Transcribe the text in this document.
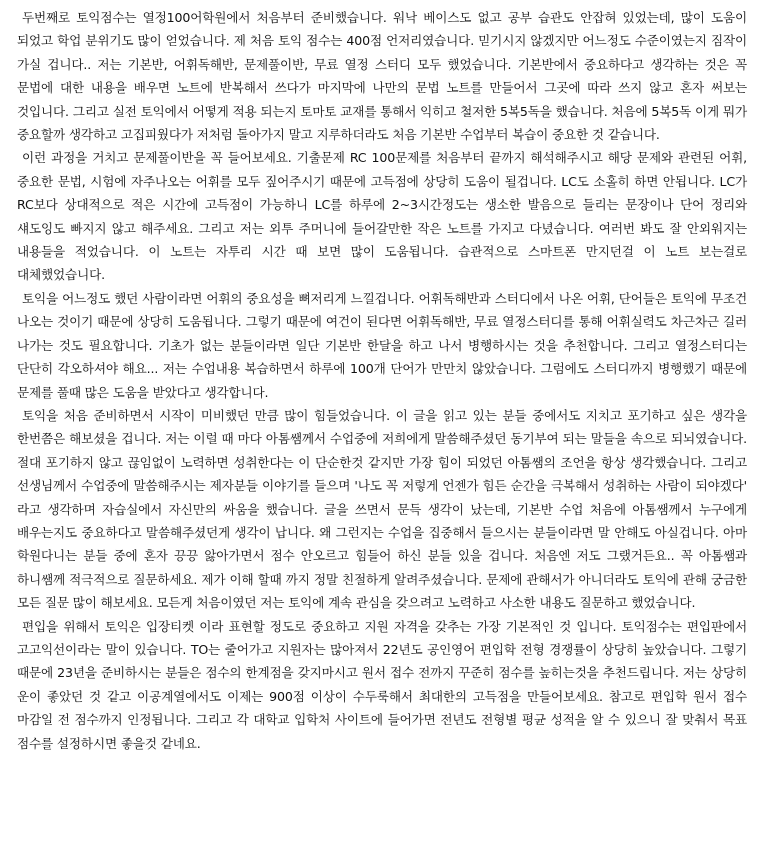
두번째로 토익점수는 열정100어학원에서 처음부터 준비했습니다. 워낙 베이스도 없고 공부 습관도 안잡혀 있었는데, 많이 도움이 되었고 학업 분위기도 많이 얻었습니다. 제 처음 토익 점수는 400점 언저리였습니다. 믿기시지 않겠지만 어느정도 수준이였는지 짐작이 가실 겁니다.. 저는 기본반, 어휘독해반, 문제풀이반, 무료 열정 스터디 모두 했었습니다. 기본반에서 중요하다고 생각하는 것은 꼭 문법에 대한 내용을 배우면 노트에 반복해서 쓰다가 마지막에 나만의 문법 노트를 만들어서 그곳에 따라 쓰지 않고 혼자 써보는 것입니다. 그리고 실전 토익에서 어떻게 적용 되는지 토마토 교재를 통해서 익히고 철저한 5복5독을 했습니다. 처음에 5복5독 이게 뭐가 중요할까 생각하고 고집피웠다가 저처럼 돌아가지 말고 지루하더라도 처음 기본반 수업부터 복습이 중요한 것 같습니다.

이런 과정을 거치고 문제풀이반을 꼭 들어보세요. 기출문제 RC 100문제를 처음부터 끝까지 해석해주시고 해당 문제와 관련된 어휘, 중요한 문법, 시험에 자주나오는 어휘를 모두 짚어주시기 때문에 고득점에 상당히 도움이 될겁니다. LC도 소홀히 하면 안됩니다. LC가 RC보다 상대적으로 적은 시간에 고득점이 가능하니 LC를 하루에 2~3시간정도는 생소한 발음으로 들리는 문장이나 단어 정리와 섀도잉도 빠지지 않고 해주세요. 그리고 저는 외투 주머니에 들어갈만한 작은 노트를 가지고 다녔습니다. 여러번 봐도 잘 안외워지는 내용들을 적었습니다. 이 노트는 자투리 시간 때 보면 많이 도움됩니다. 습관적으로 스마트폰 만지던걸 이 노트 보는걸로 대체했었습니다.

토익을 어느정도 했던 사람이라면 어휘의 중요성을 뼈저리게 느낄겁니다. 어휘독해반과 스터디에서 나온 어휘, 단어들은 토익에 무조건 나오는 것이기 때문에 상당히 도움됩니다. 그렇기 때문에 여건이 된다면 어휘독해반, 무료 열정스터디를 통해 어휘실력도 차근차근 길러 나가는 것도 필요합니다. 기초가 없는 분들이라면 일단 기본반 한달을 하고 나서 병행하시는 것을 추천합니다. 그리고 열정스터디는 단단히 각오하셔야 해요... 저는 수업내용 복습하면서 하루에 100개 단어가 만만치 않았습니다. 그럼에도 스터디까지 병행했기 때문에 문제를 풀때 많은 도움을 받았다고 생각합니다.

토익을 처음 준비하면서 시작이 미비했던 만큼 많이 힘들었습니다. 이 글을 읽고 있는 분들 중에서도 지치고 포기하고 싶은 생각을 한번쯤은 해보셨을 겁니다. 저는 이럴 때 마다 아톰쌤께서 수업중에 저희에게 말씀해주셨던 동기부여 되는 말들을 속으로 되뇌였습니다. 절대 포기하지 않고 끊임없이 노력하면 성취한다는 이 단순한것 같지만 가장 힘이 되었던 아톰쌤의 조언을 항상 생각했습니다. 그리고 선생님께서 수업중에 말씀해주시는 제자분들 이야기를 들으며 '나도 꼭 저렇게 언젠가 힘든 순간을 극복해서 성취하는 사람이 되야겠다' 라고 생각하며 자습실에서 자신만의 싸움을 했습니다. 글을 쓰면서 문득 생각이 났는데, 기본반 수업 처음에 아톰쌤께서 누구에게 배우는지도 중요하다고 말씀해주셨던게 생각이 납니다. 왜 그런지는 수업을 집중해서 들으시는 분들이라면 말 안해도 아실겁니다. 아마 학원다니는 분들 중에 혼자 끙끙 앓아가면서 점수 안오르고 힘들어 하신 분들 있을 겁니다. 처음엔 저도 그랬거든요.. 꼭 아톰쌤과 하니쌤께 적극적으로 질문하세요. 제가 이해 할때 까지 정말 친절하게 알려주셨습니다. 문제에 관해서가 아니더라도 토익에 관해 궁금한 모든 질문 많이 해보세요. 모든게 처음이였던 저는 토익에 계속 관심을 갖으려고 노력하고 사소한 내용도 질문하고 했었습니다.

편입을 위해서 토익은 입장티켓 이라 표현할 정도로 중요하고 지원 자격을 갖추는 가장 기본적인 것 입니다. 토익점수는 편입판에서 고고익선이라는 말이 있습니다. TO는 줄어가고 지원자는 많아져서 22년도 공인영어 편입학 전형 경쟁률이 상당히 높았습니다. 그렇기 때문에 23년을 준비하시는 분들은 점수의 한계점을 갖지마시고 원서 접수 전까지 꾸준히 점수를 높히는것을 추천드립니다. 저는 상당히 운이 좋았던 것 같고 이공계열에서도 이제는 900점 이상이 수두룩해서 최대한의 고득점을 만들어보세요. 참고로 편입학 원서 접수 마감일 전 점수까지 인정됩니다. 그리고 각 대학교 입학처 사이트에 들어가면 전년도 전형별 평균 성적을 알 수 있으니 잘 맞춰서 목표 점수를 설정하시면 좋을것 같네요.
